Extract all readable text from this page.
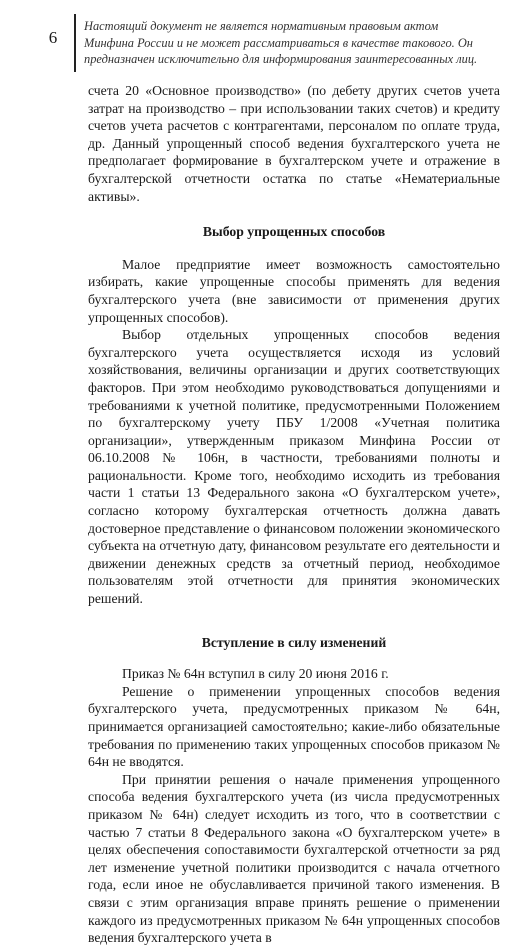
6
Настоящий документ не является нормативным правовым актом
Минфина России и не может рассматриваться в качестве такового. Он
предназначен исключительно для информирования заинтересованных лиц.

счета 20 «Основное производство» (по дебету других счетов учета затрат на производство – при использовании таких счетов) и кредиту счетов учета расчетов с контрагентами, персоналом по оплате труда, др. Данный упрощенный способ ведения бухгалтерского учета не предполагает формирование в бухгалтерском учете и отражение в бухгалтерской отчетности остатка по статье «Нематериальные активы».

Выбор упрощенных способов

Малое предприятие имеет возможность самостоятельно избирать, какие упрощенные способы применять для ведения бухгалтерского учета (вне зависимости от применения других упрощенных способов).

Выбор отдельных упрощенных способов ведения бухгалтерского учета осуществляется исходя из условий хозяйствования, величины организации и других соответствующих факторов. При этом необходимо руководствоваться допущениями и требованиями к учетной политике, предусмотренными Положением по бухгалтерскому учету ПБУ 1/2008 «Учетная политика организации», утвержденным приказом Минфина России от 06.10.2008 № 106н, в частности, требованиями полноты и рациональности. Кроме того, необходимо исходить из требования части 1 статьи 13 Федерального закона «О бухгалтерском учете», согласно которому бухгалтерская отчетность должна давать достоверное представление о финансовом положении экономического субъекта на отчетную дату, финансовом результате его деятельности и движении денежных средств за отчетный период, необходимое пользователям этой отчетности для принятия экономических решений.

Вступление в силу изменений

Приказ № 64н вступил в силу 20 июня 2016 г.

Решение о применении упрощенных способов ведения бухгалтерского учета, предусмотренных приказом № 64н, принимается организацией самостоятельно; какие-либо обязательные требования по применению таких упрощенных способов приказом № 64н не вводятся.

При принятии решения о начале применения упрощенного способа ведения бухгалтерского учета (из числа предусмотренных приказом № 64н) следует исходить из того, что в соответствии с частью 7 статьи 8 Федерального закона «О бухгалтерском учете» в целях обеспечения сопоставимости бухгалтерской отчетности за ряд лет изменение учетной политики производится с начала отчетного года, если иное не обуславливается причиной такого изменения. В связи с этим организация вправе принять решение о применении каждого из предусмотренных приказом № 64н упрощенных способов ведения бухгалтерского учета в
